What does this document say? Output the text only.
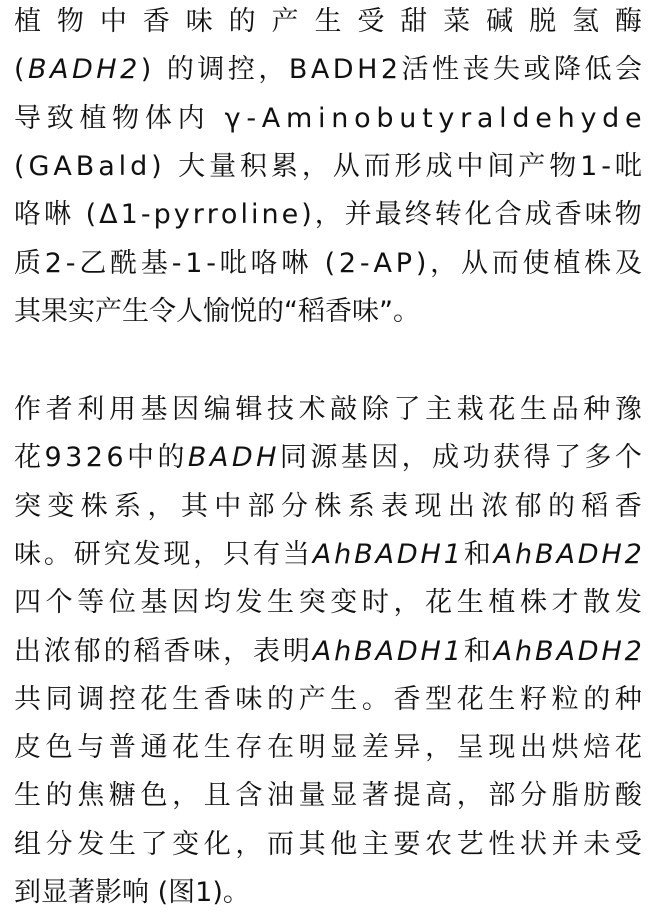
植 物 中 香 味 的 产 生 受 甜 菜 碱 脱 氢 酶
( B A D H 2 )
的 调 控 ， B A D H 2 活 性 丧 失 或 降 低 会
导 致 植 物 体 内
γ - A m i n o b u t y r a l d e h y d e
( G A B a l d )
大 量 积 累 ， 从 而 形 成 中 间 产 物 1 - 吡
咯 啉
( Δ 1 - p y r r o l i n e ) ， 并 最 终 转 化 合 成 香 味 物
质 2 - 乙 酰 基 - 1 - 吡 咯 啉
( 2 - A P ) ， 从 而 使 植 株 及
其 果 实 产 生 令 人 愉 悦 的 “ 稻 香 味 ” 。
作 者 利 用 基 因 编 辑 技 术 敲 除 了 主 栽 花 生 品 种 豫
花 9 3 2 6 中 的 B A D H 同 源 基 因 ， 成 功 获 得 了 多 个
突 变 株 系 ， 其 中 部 分 株 系 表 现 出 浓 郁 的 稻 香
味 。 研 究 发 现 ， 只 有 当 A h B A D H 1 和 A h B A D H 2
四 个 等 位 基 因 均 发 生 突 变 时 ， 花 生 植 株 才 散 发
出 浓 郁 的 稻 香 味 ， 表 明 A h B A D H 1 和 A h B A D H 2
共 同 调 控 花 生 香 味 的 产 生 。 香 型 花 生 籽 粒 的 种
皮 色 与 普 通 花 生 存 在 明 显 差 异 ， 呈 现 出 烘 焙 花
生 的 焦 糖 色 ， 且 含 油 量 显 著 提 高 ， 部 分 脂 肪 酸
组 分 发 生 了 变 化 ， 而 其 他 主 要 农 艺 性 状 并 未 受
到 显 著 影 响
( 图 1 ) 。
